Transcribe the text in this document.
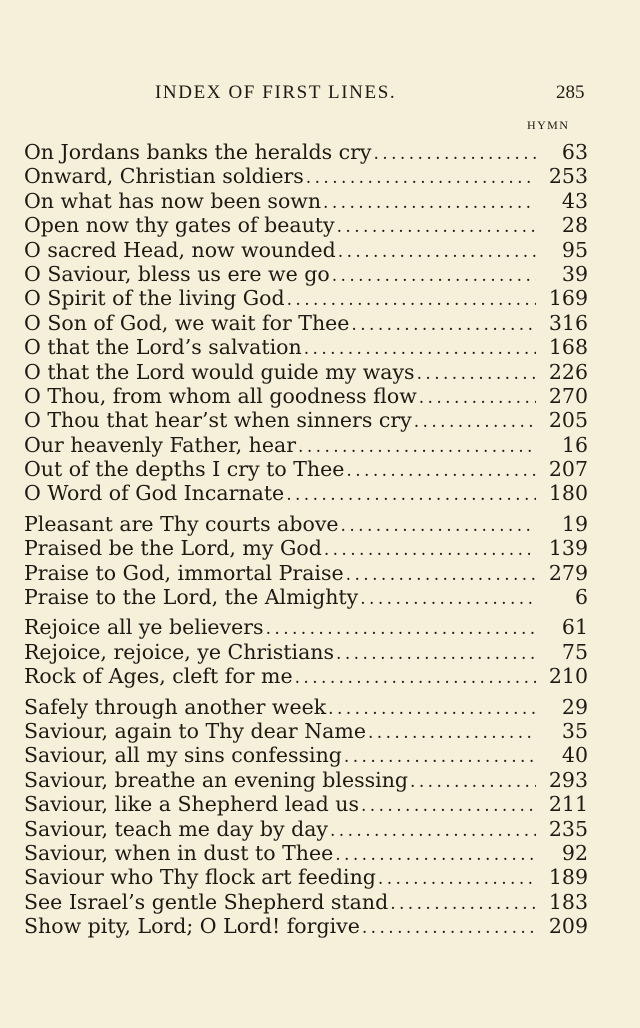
INDEX OF FIRST LINES.	285
HYMN
On Jordans banks the heralds cry . . .	63
Onward, Christian soldiers . . .	253
On what has now been sown . . .	43
Open now thy gates of beauty . . .	28
O sacred Head, now wounded . . .	95
O Saviour, bless us ere we go . . .	39
O Spirit of the living God . . .	169
O Son of God, we wait for Thee . . .	316
O that the Lord’s salvation . . .	168
O that the Lord would guide my ways . . .	226
O Thou, from whom all goodness flow . . .	270
O Thou that hear’st when sinners cry . . .	205
Our heavenly Father, hear . . .	16
Out of the depths I cry to Thee . . .	207
O Word of God Incarnate . . .	180
Pleasant are Thy courts above . . .	19
Praised be the Lord, my God . . .	139
Praise to God, immortal Praise . . .	279
Praise to the Lord, the Almighty . . .	6
Rejoice all ye believers . . .	61
Rejoice, rejoice, ye Christians . . .	75
Rock of Ages, cleft for me . . .	210
Safely through another week . . .	29
Saviour, again to Thy dear Name . . .	35
Saviour, all my sins confessing . . .	40
Saviour, breathe an evening blessing . . .	293
Saviour, like a Shepherd lead us . . .	211
Saviour, teach me day by day . . .	235
Saviour, when in dust to Thee . . .	92
Saviour who Thy flock art feeding . . .	189
See Israel’s gentle Shepherd stand . . .	183
Show pity, Lord; O Lord! forgive . . .	209
